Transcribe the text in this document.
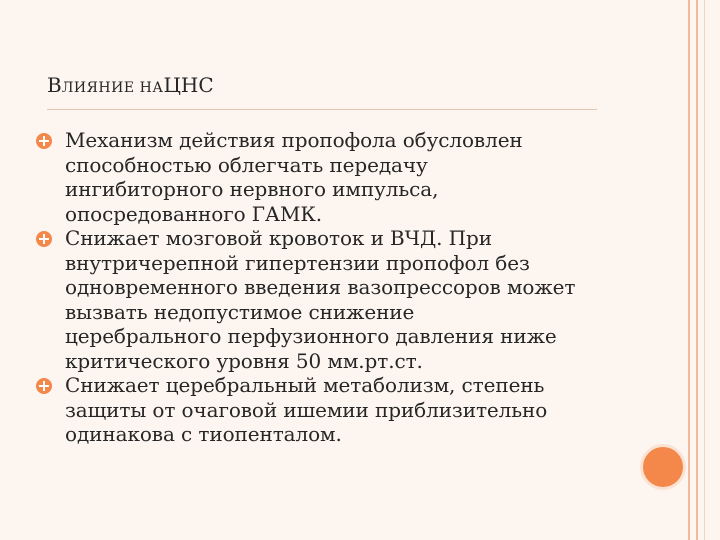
ВЛИЯНИЕ НАЦНС
Механизм действия пропофола обусловлен
способностью облегчать передачу
ингибиторного нервного импульса,
опосредованного ГАМК.
Снижает мозговой кровоток и ВЧД. При
внутричерепной гипертензии пропофол без
одновременного введения вазопрессоров может
вызвать недопустимое снижение
церебрального перфузионного давления ниже
критического уровня 50 мм.рт.ст.
Снижает церебральный метаболизм, степень
защиты от очаговой ишемии приблизительно
одинакова с тиопенталом.
